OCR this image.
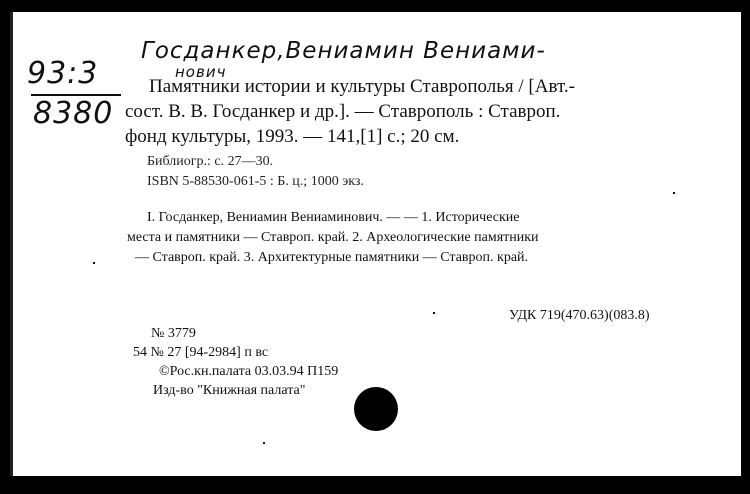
93:3
8380
Госданкер,Вениамин Вениами-
нович
Памятники истории и культуры Ставрополья / [Авт.-
сост. В. В. Госданкер и др.]. — Ставрополь : Ставроп.
фонд культуры, 1993. — 141,[1] с.; 20 см.
Библиогр.: с. 27—30.
ISBN 5-88530-061-5 : Б. ц.; 1000 экз.
I. Госданкер, Вениамин Вениаминович. — — 1. Исторические
места и памятники — Ставроп. край. 2. Археологические памятники
— Ставроп. край. 3. Архитектурные памятники — Ставроп. край.
УДК 719(470.63)(083.8)
№ 3779
54 № 27 [94-2984] п вс
©Рос.кн.палата 03.03.94 П159
Изд-во "Книжная палата"
